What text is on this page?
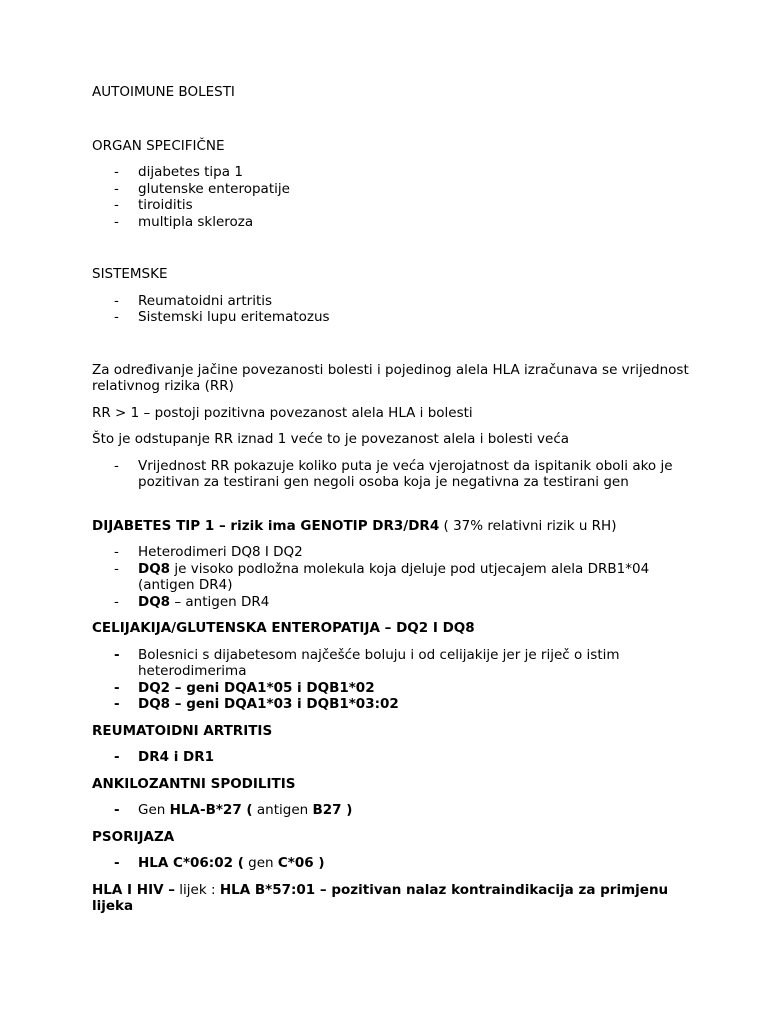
AUTOIMUNE BOLESTI

ORGAN SPECIFIČNE

- dijabetes tipa 1
- glutenske enteropatije
- tiroiditis
- multipla skleroza

SISTEMSKE

- Reumatoidni artritis
- Sistemski lupu eritematozus

Za određivanje jačine povezanosti bolesti i pojedinog alela HLA izračunava se vrijednost relativnog rizika (RR)

RR > 1 – postoji pozitivna povezanost alela HLA i bolesti

Što je odstupanje RR iznad 1 veće to je povezanost alela i bolesti veća

- Vrijednost RR pokazuje koliko puta je veća vjerojatnost da ispitanik oboli ako je pozitivan za testirani gen negoli osoba koja je negativna za testirani gen

DIJABETES TIP 1 – rizik ima GENOTIP DR3/DR4 ( 37% relativni rizik u RH)

- Heterodimeri DQ8 I DQ2
- DQ8 je visoko podložna molekula koja djeluje pod utjecajem alela DRB1*04 (antigen DR4)
- DQ8 – antigen DR4

CELIJAKIJA/GLUTENSKA ENTEROPATIJA – DQ2 I DQ8

- Bolesnici s dijabetesom najčešće boluju i od celijakije jer je riječ o istim heterodimerima
- DQ2 – geni DQA1*05 i DQB1*02
- DQ8 – geni DQA1*03 i DQB1*03:02

REUMATOIDNI ARTRITIS

- DR4 i DR1

ANKILOZANTNI SPODILITIS

- Gen HLA-B*27 ( antigen B27 )

PSORIJAZA

- HLA C*06:02 ( gen C*06 )

HLA I HIV – lijek : HLA B*57:01 – pozitivan nalaz kontraindikacija za primjenu lijeka
